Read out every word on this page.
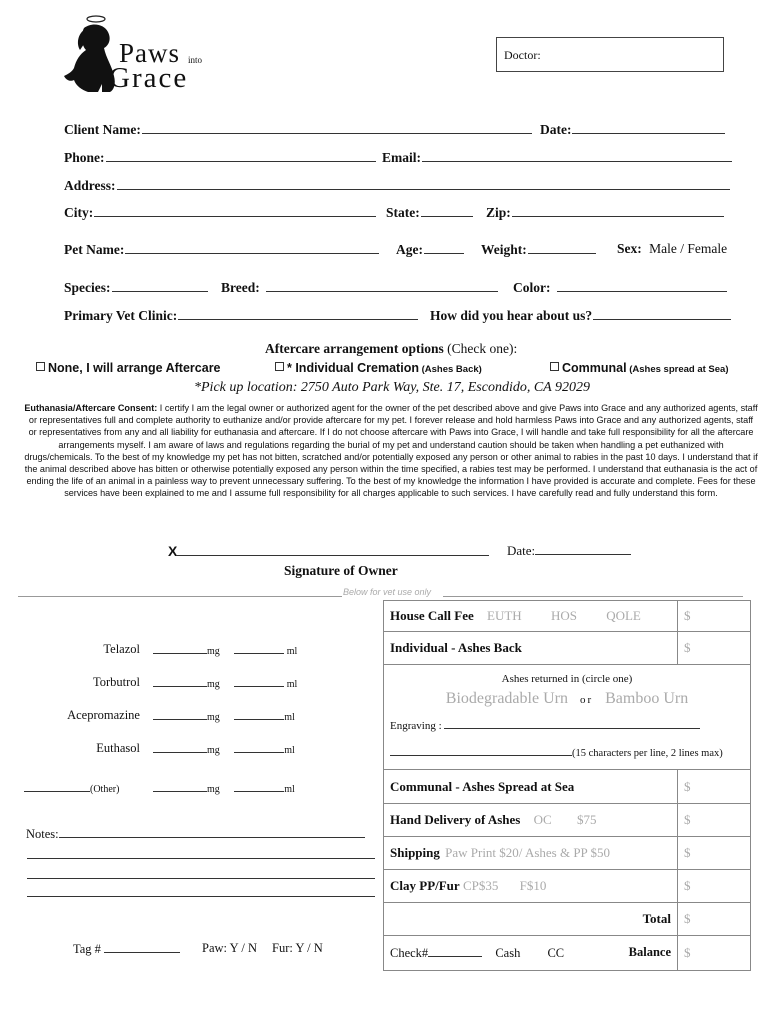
Paws into
Grace
Doctor:
Client Name:	Date:
Phone:	Email:
Address:
City:	State:	Zip:
Pet Name:	Age:	Weight:	Sex: Male / Female
Species:	Breed:	Color:
Primary Vet Clinic:	How did you hear about us?
Aftercare arrangement options (Check one):
None, I will arrange Aftercare	* Individual Cremation (Ashes Back)	Communal (Ashes spread at Sea)
*Pick up location: 2750 Auto Park Way, Ste. 17, Escondido, CA 92029
Euthanasia/Aftercare Consent: I certify I am the legal owner or authorized agent for the owner of the pet described above and give Paws into Grace and any authorized agents, staff or representatives full and complete authority to euthanize and/or provide aftercare for my pet. I forever release and hold harmless Paws into Grace and any authorized agents, staff or representatives from any and all liability for euthanasia and aftercare. If I do not choose aftercare with Paws into Grace, I will handle and take full responsibility for all the aftercare arrangements myself. I am aware of laws and regulations regarding the burial of my pet and understand caution should be taken when handling a pet euthanized with drugs/chemicals. To the best of my knowledge my pet has not bitten, scratched and/or potentially exposed any person or other animal to rabies in the past 10 days. I understand that if the animal described above has bitten or otherwise potentially exposed any person within the time specified, a rabies test may be performed. I understand that euthanasia is the act of ending the life of an animal in a painless way to prevent unnecessary suffering. To the best of my knowledge the information I have provided is accurate and complete. Fees for these services have been explained to me and I assume full responsibility for all charges applicable to such services. I have carefully read and fully understand this form.
X	Date:
Signature of Owner
Below for vet use only
Telazol	mg	ml
Torbutrol	mg	ml
Acepromazine	mg	ml
Euthasol	mg	ml
(Other)	mg	ml
Notes:
Tag #	Paw: Y / N Fur: Y / N
House Call Fee EUTH HOS QOLE	$
Individual - Ashes Back	$

Ashes returned in (circle one)
Biodegradable Urn or Bamboo Urn
Engraving :
(15 characters per line, 2 lines max)	

Communal - Ashes Spread at Sea	$
Hand Delivery of Ashes OC $75	$
Shipping Paw Print $20/ Ashes & PP $50	$
Clay PP/Fur CP$35 F$10	$
Total	$
Check# Cash CC Balance	$
